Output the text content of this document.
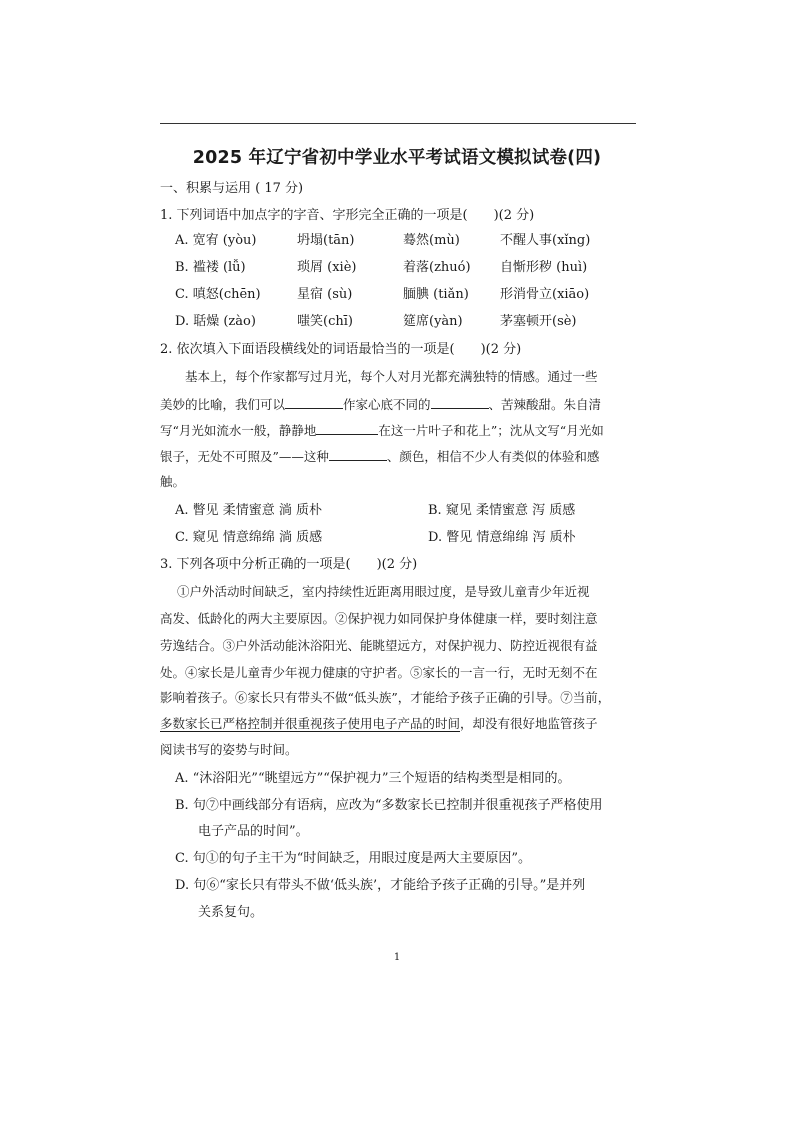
2025 年辽宁省初中学业水平考试语文模拟试卷(四)
一、积累与运用 ( 17 分)
1. 下列词语中加点字的字音、字形完全正确的一项是(　　)(2 分)
A. 宽宥 (yòu)	坍塌(tān)	蓦然(mù)	不醒人事(xǐng)
B. 褴褛 (lǚ)	琐屑 (xiè)	着落(zhuó) 自惭形秽 (huì)
C. 嗔怒(chēn)	星宿 (sù)	腼腆 (tiǎn) 形消骨立(xiāo)
D. 聒燥 (zào)	嗤笑(chī)	筵席(yàn)	茅塞顿开(sè)
2. 依次填入下面语段横线处的词语最恰当的一项是(　　)(2 分)
基本上，每个作家都写过月光，每个人对月光都充满独特的情感。通过一些
美妙的比喻，我们可以	作家心底不同的	、苦辣酸甜。朱自清
写“月光如流水一般，静静地	在这一片叶子和花上”；沈从文写“月光如
银子，无处不可照及”——这种	、颜色，相信不少人有类似的体验和感
触。
A. 瞥见 柔情蜜意 淌 质朴	B. 窥见 柔情蜜意 泻 质感
C. 窥见 情意绵绵 淌 质感	D. 瞥见 情意绵绵 泻 质朴
3. 下列各项中分析正确的一项是(　　)(2 分)
①户外活动时间缺乏，室内持续性近距离用眼过度，是导致儿童青少年近视
高发、低龄化的两大主要原因。②保护视力如同保护身体健康一样，要时刻注意
劳逸结合。③户外活动能沐浴阳光、能眺望远方，对保护视力、防控近视很有益
处。④家长是儿童青少年视力健康的守护者。⑤家长的一言一行，无时无刻不在
影响着孩子。⑥家长只有带头不做“低头族”，才能给予孩子正确的引导。⑦当前，
多数家长已严格控制并很重视孩子使用电子产品的时间，却没有很好地监管孩子
阅读书写的姿势与时间。
A. “沐浴阳光”“眺望远方”“保护视力”三个短语的结构类型是相同的。
B. 句⑦中画线部分有语病，应改为“多数家长已控制并很重视孩子严格使用
电子产品的时间”。
C. 句①的句子主干为“时间缺乏，用眼过度是两大主要原因”。
D. 句⑥“家长只有带头不做‘低头族’，才能给予孩子正确的引导。”是并列
关系复句。
1
